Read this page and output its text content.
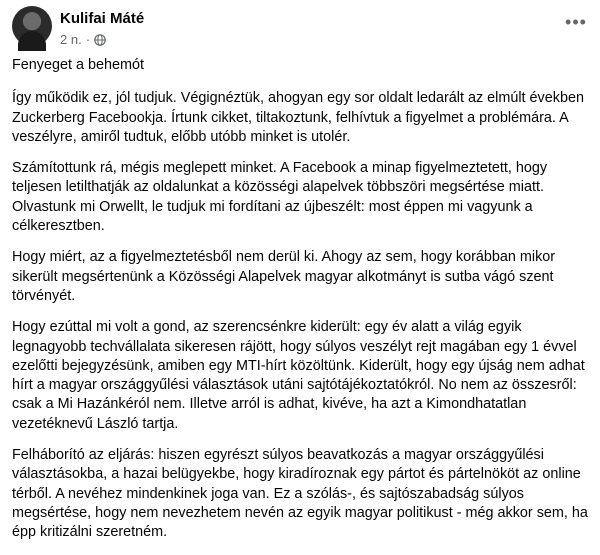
Kulifai Máté
2 n. ·
•••

Fenyeget a behemót

Így működik ez, jól tudjuk. Végignéztük, ahogyan egy sor oldalt ledarált az elmúlt években Zuckerberg Facebookja. Írtunk cikket, tiltakoztunk, felhívtuk a figyelmet a problémára. A veszélyre, amiről tudtuk, előbb utóbb minket is utolér.

Számítottunk rá, mégis meglepett minket. A Facebook a minap figyelmeztetett, hogy teljesen letilthatják az oldalunkat a közösségi alapelvek többszöri megsértése miatt. Olvastunk mi Orwellt, le tudjuk mi fordítani az újbeszélt: most éppen mi vagyunk a célkeresztben.

Hogy miért, az a figyelmeztetésből nem derül ki. Ahogy az sem, hogy korábban mikor sikerült megsértenünk a Közösségi Alapelvek magyar alkotmányt is sutba vágó szent törvényét.

Hogy ezúttal mi volt a gond, az szerencsénkre kiderült: egy év alatt a világ egyik legnagyobb techvállalata sikeresen rájött, hogy súlyos veszélyt rejt magában egy 1 évvel ezelőtti bejegyzésünk, amiben egy MTI-hírt közöltünk. Kiderült, hogy egy újság nem adhat hírt a magyar országgyűlési választások utáni sajtótájékoztatókról. No nem az összesről: csak a Mi Hazánkéról nem. Illetve arról is adhat, kivéve, ha azt a Kimondhatatlan vezetéknevű László tartja.

Felháborító az eljárás: hiszen egyrészt súlyos beavatkozás a magyar országgyűlési választásokba, a hazai belügyekbe, hogy kiradíroznak egy pártot és pártelnököt az online térből. A nevéhez mindenkinek joga van. Ez a szólás-, és sajtószabadság súlyos megsértése, hogy nem nevezhetem nevén az egyik magyar politikust - még akkor sem, ha épp kritizálni szeretném.
